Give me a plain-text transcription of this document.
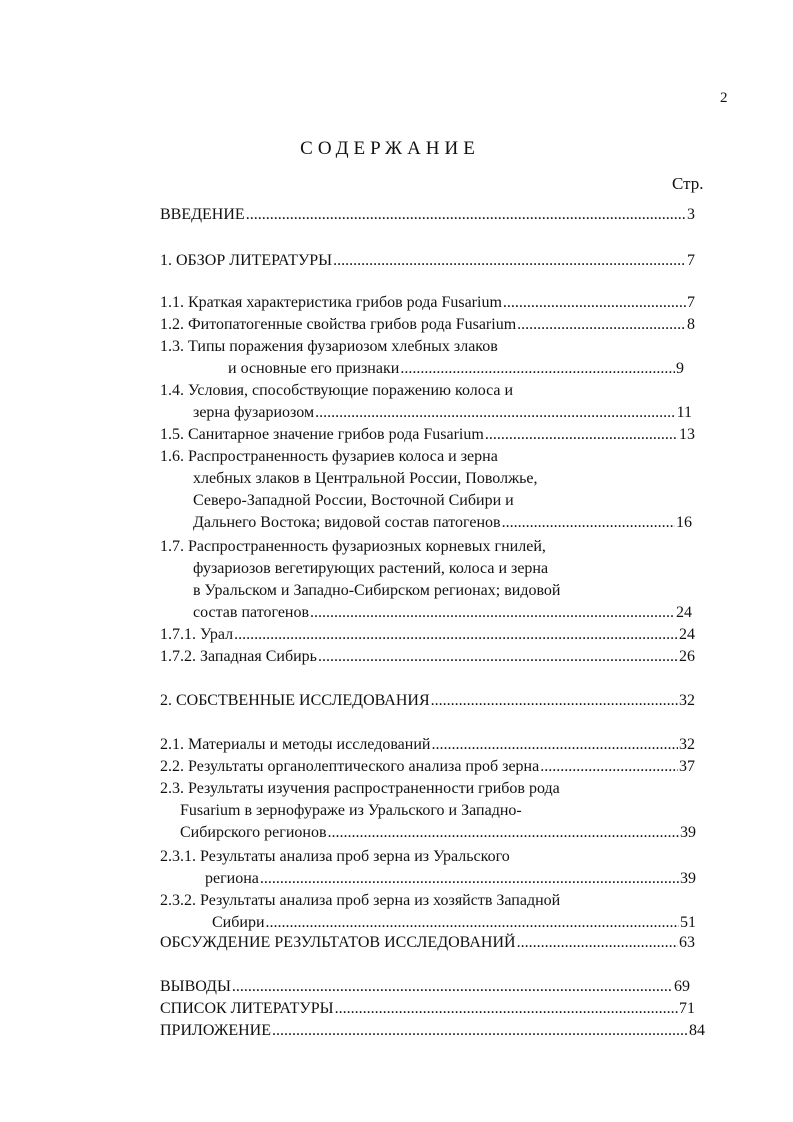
2
СОДЕРЖАНИЕ
Стр.
ВВЕДЕНИЕ .....	3
1. ОБЗОР ЛИТЕРАТУРЫ .....	7
1.1. Краткая характеристика грибов рода Fusarium .....	7
1.2. Фитопатогенные свойства грибов рода Fusarium .....	8
1.3. Типы поражения фузариозом хлебных злаков
и основные его признаки .....	9
1.4. Условия, способствующие поражению колоса и
зерна фузариозом .....	11
1.5. Санитарное значение грибов рода Fusarium .....	13
1.6. Распространенность фузариев колоса и зерна
хлебных злаков в Центральной России, Поволжье,
Северо-Западной России, Восточной Сибири и
Дальнего Востока; видовой состав патогенов .....	16
1.7. Распространенность фузариозных корневых гнилей,
фузариозов вегетирующих растений, колоса и зерна
в Уральском и Западно-Сибирском регионах; видовой
состав патогенов .....	24
1.7.1. Урал .....	24
1.7.2. Западная Сибирь .....	26
2. СОБСТВЕННЫЕ ИССЛЕДОВАНИЯ .....	32
2.1. Материалы и методы исследований .....	32
2.2. Результаты органолептического анализа проб зерна .....	37
2.3. Результаты изучения распространенности грибов рода
Fusarium в зернофураже из Уральского и Западно-
Сибирского регионов .....	39
2.3.1. Результаты анализа проб зерна из Уральского
региона .....	39
2.3.2. Результаты анализа проб зерна из хозяйств Западной
Сибири .....	51
ОБСУЖДЕНИЕ РЕЗУЛЬТАТОВ ИССЛЕДОВАНИЙ .....	63
ВЫВОДЫ .....	69
СПИСОК ЛИТЕРАТУРЫ .....	71
ПРИЛОЖЕНИЕ .....	84
